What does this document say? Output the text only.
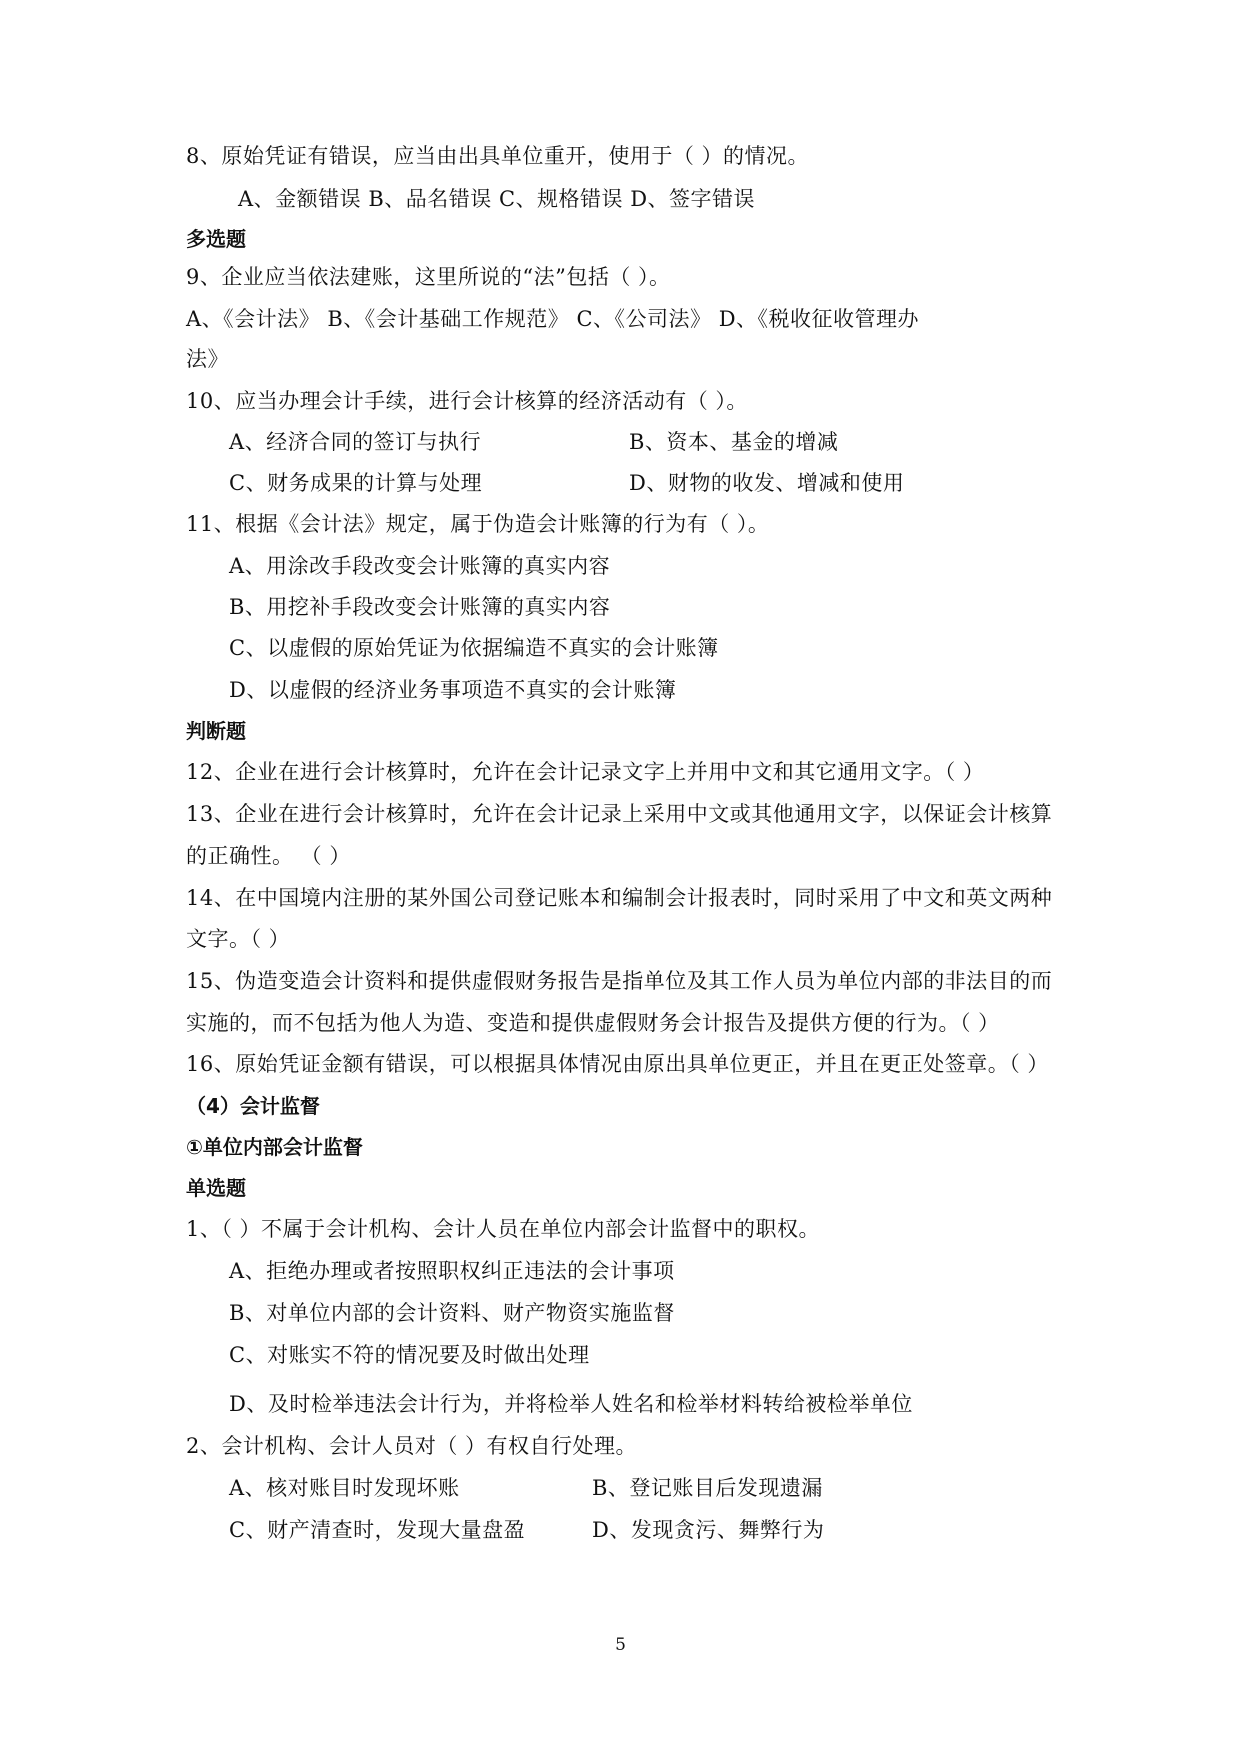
8、原始凭证有错误，应当由出具单位重开，使用于（ ）的情况。
A、金额错误 B、品名错误 C、规格错误 D、签字错误
多选题
9、企业应当依法建账，这里所说的“法”包括（ ）。
A、《会计法》 B、《会计基础工作规范》 C、《公司法》 D、《税收征收管理办
法》
10、应当办理会计手续，进行会计核算的经济活动有（ ）。
A、经济合同的签订与执行	B、资本、基金的增减
C、财务成果的计算与处理	D、财物的收发、增减和使用
11、根据《会计法》规定，属于伪造会计账簿的行为有（ ）。
A、用涂改手段改变会计账簿的真实内容
B、用挖补手段改变会计账簿的真实内容
C、以虚假的原始凭证为依据编造不真实的会计账簿
D、以虚假的经济业务事项造不真实的会计账簿
判断题
12、企业在进行会计核算时，允许在会计记录文字上并用中文和其它通用文字。（ ）
13、企业在进行会计核算时，允许在会计记录上采用中文或其他通用文字，以保证会计核算
的正确性。 （ ）
14、在中国境内注册的某外国公司登记账本和编制会计报表时，同时采用了中文和英文两种
文字。（ ）
15、伪造变造会计资料和提供虚假财务报告是指单位及其工作人员为单位内部的非法目的而
实施的，而不包括为他人为造、变造和提供虚假财务会计报告及提供方便的行为。（ ）
16、原始凭证金额有错误，可以根据具体情况由原出具单位更正，并且在更正处签章。（ ）
（4）会计监督
①单位内部会计监督
单选题
1、（ ）不属于会计机构、会计人员在单位内部会计监督中的职权。
A、拒绝办理或者按照职权纠正违法的会计事项
B、对单位内部的会计资料、财产物资实施监督
C、对账实不符的情况要及时做出处理
D、及时检举违法会计行为，并将检举人姓名和检举材料转给被检举单位
2、会计机构、会计人员对（ ）有权自行处理。
A、核对账目时发现坏账	B、登记账目后发现遗漏
C、财产清查时，发现大量盘盈	D、发现贪污、舞弊行为
5
